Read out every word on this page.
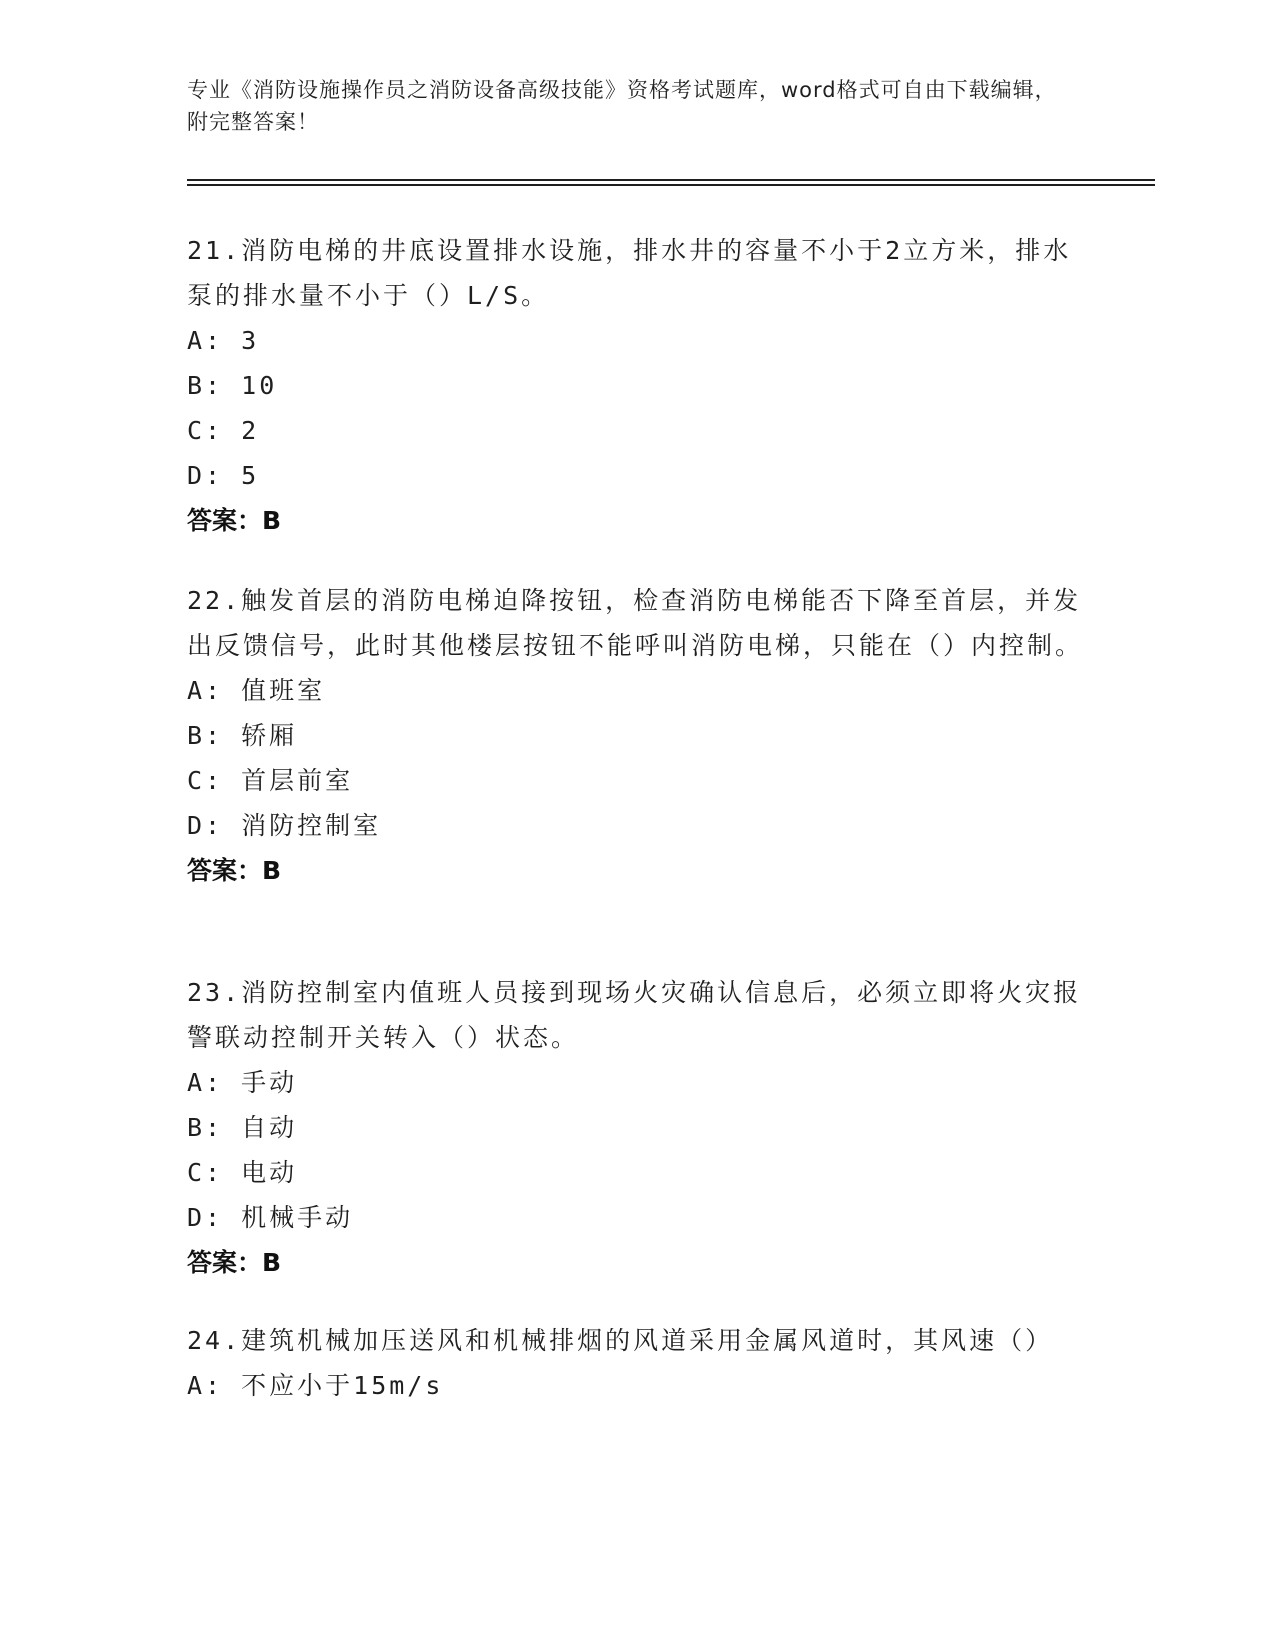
专业《消防设施操作员之消防设备高级技能》资格考试题库，word格式可自由下载编辑，附完整答案！

21.消防电梯的井底设置排水设施，排水井的容量不小于2立方米，排水泵的排水量不小于（）L/S。

A: 3

B: 10

C: 2

D: 5

答案：B

22.触发首层的消防电梯迫降按钮，检查消防电梯能否下降至首层，并发出反馈信号，此时其他楼层按钮不能呼叫消防电梯，只能在（）内控制。

A: 值班室

B: 轿厢

C: 首层前室

D: 消防控制室

答案：B

23.消防控制室内值班人员接到现场火灾确认信息后，必须立即将火灾报警联动控制开关转入（）状态。

A: 手动

B: 自动

C: 电动

D: 机械手动

答案：B

24.建筑机械加压送风和机械排烟的风道采用金属风道时，其风速（）

A: 不应小于15m/s
